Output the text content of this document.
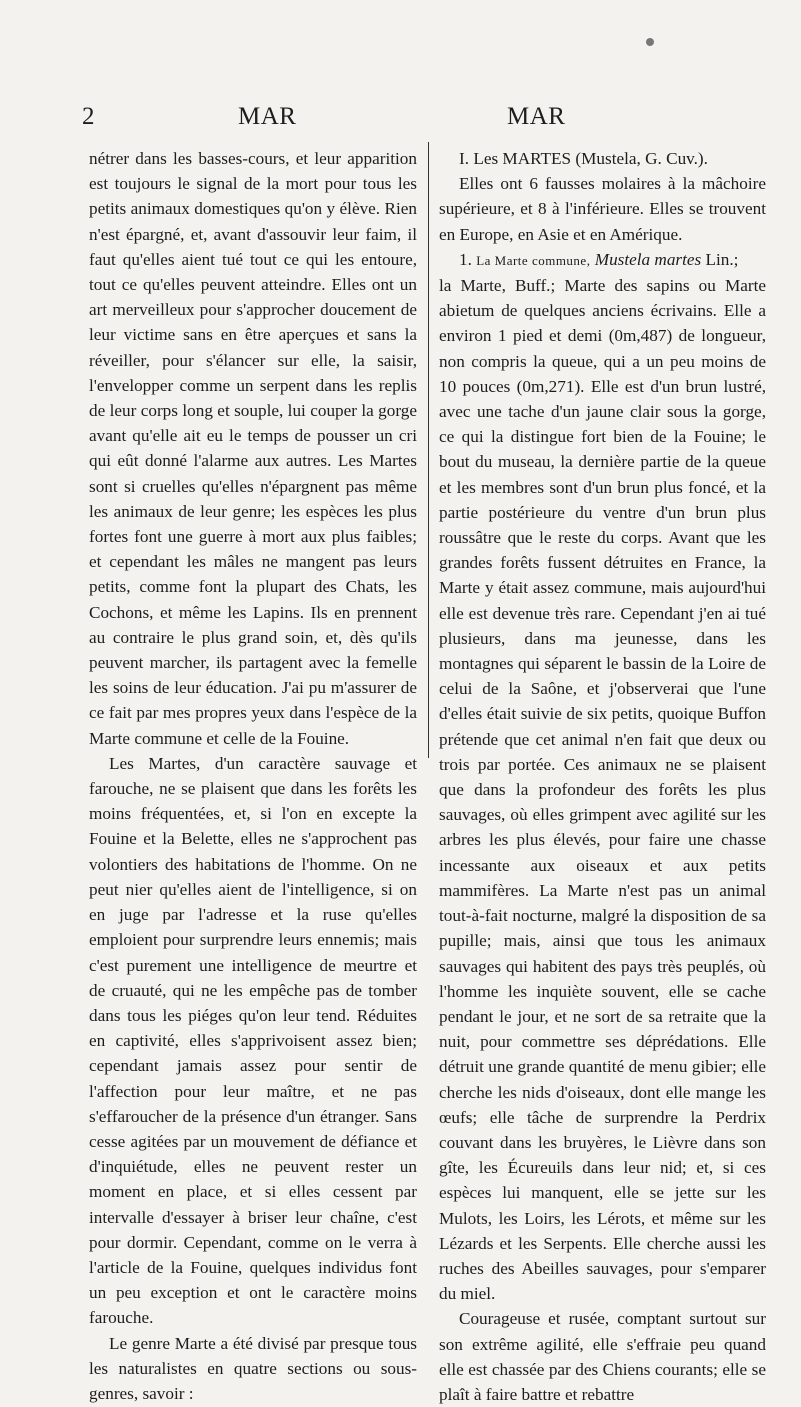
2	MAR	MAR

nétrer dans les basses-cours, et leur apparition est toujours le signal de la mort pour tous les petits animaux domestiques qu'on y élève. Rien n'est épargné, et, avant d'assouvir leur faim, il faut qu'elles aient tué tout ce qui les entoure, tout ce qu'elles peuvent atteindre. Elles ont un art merveilleux pour s'approcher doucement de leur victime sans en être aperçues et sans la réveiller, pour s'élancer sur elle, la saisir, l'envelopper comme un serpent dans les replis de leur corps long et souple, lui couper la gorge avant qu'elle ait eu le temps de pousser un cri qui eût donné l'alarme aux autres. Les Martes sont si cruelles qu'elles n'épargnent pas même les animaux de leur genre; les espèces les plus fortes font une guerre à mort aux plus faibles; et cependant les mâles ne mangent pas leurs petits, comme font la plupart des Chats, les Cochons, et même les Lapins. Ils en prennent au contraire le plus grand soin, et, dès qu'ils peuvent marcher, ils partagent avec la femelle les soins de leur éducation. J'ai pu m'assurer de ce fait par mes propres yeux dans l'espèce de la Marte commune et celle de la Fouine.

Les Martes, d'un caractère sauvage et farouche, ne se plaisent que dans les forêts les moins fréquentées, et, si l'on en excepte la Fouine et la Belette, elles ne s'approchent pas volontiers des habitations de l'homme. On ne peut nier qu'elles aient de l'intelligence, si on en juge par l'adresse et la ruse qu'elles emploient pour surprendre leurs ennemis; mais c'est purement une intelligence de meurtre et de cruauté, qui ne les empêche pas de tomber dans tous les piéges qu'on leur tend. Réduites en captivité, elles s'apprivoisent assez bien; cependant jamais assez pour sentir de l'affection pour leur maître, et ne pas s'effaroucher de la présence d'un étranger. Sans cesse agitées par un mouvement de défiance et d'inquiétude, elles ne peuvent rester un moment en place, et si elles cessent par intervalle d'essayer à briser leur chaîne, c'est pour dormir. Cependant, comme on le verra à l'article de la Fouine, quelques individus font un peu exception et ont le caractère moins farouche.

Le genre Marte a été divisé par presque tous les naturalistes en quatre sections ou sous-genres, savoir :

I. Les MARTES (Mustela, G. Cuv.).

Elles ont 6 fausses molaires à la mâchoire supérieure, et 8 à l'inférieure. Elles se trouvent en Europe, en Asie et en Amérique.

1. La Marte commune, Mustela martes Lin.;

la Marte, Buff.; Marte des sapins ou Marte abietum de quelques anciens écrivains. Elle a environ 1 pied et demi (0m,487) de longueur, non compris la queue, qui a un peu moins de 10 pouces (0m,271). Elle est d'un brun lustré, avec une tache d'un jaune clair sous la gorge, ce qui la distingue fort bien de la Fouine; le bout du museau, la dernière partie de la queue et les membres sont d'un brun plus foncé, et la partie postérieure du ventre d'un brun plus roussâtre que le reste du corps. Avant que les grandes forêts fussent détruites en France, la Marte y était assez commune, mais aujourd'hui elle est devenue très rare. Cependant j'en ai tué plusieurs, dans ma jeunesse, dans les montagnes qui séparent le bassin de la Loire de celui de la Saône, et j'observerai que l'une d'elles était suivie de six petits, quoique Buffon prétende que cet animal n'en fait que deux ou trois par portée. Ces animaux ne se plaisent que dans la profondeur des forêts les plus sauvages, où elles grimpent avec agilité sur les arbres les plus élevés, pour faire une chasse incessante aux oiseaux et aux petits mammifères. La Marte n'est pas un animal tout-à-fait nocturne, malgré la disposition de sa pupille; mais, ainsi que tous les animaux sauvages qui habitent des pays très peuplés, où l'homme les inquiète souvent, elle se cache pendant le jour, et ne sort de sa retraite que la nuit, pour commettre ses déprédations. Elle détruit une grande quantité de menu gibier; elle cherche les nids d'oiseaux, dont elle mange les œufs; elle tâche de surprendre la Perdrix couvant dans les bruyères, le Lièvre dans son gîte, les Écureuils dans leur nid; et, si ces espèces lui manquent, elle se jette sur les Mulots, les Loirs, les Lérots, et même sur les Lézards et les Serpents. Elle cherche aussi les ruches des Abeilles sauvages, pour s'emparer du miel.

Courageuse et rusée, comptant surtout sur son extrême agilité, elle s'effraie peu quand elle est chassée par des Chiens courants; elle se plaît à faire battre et rebattre
